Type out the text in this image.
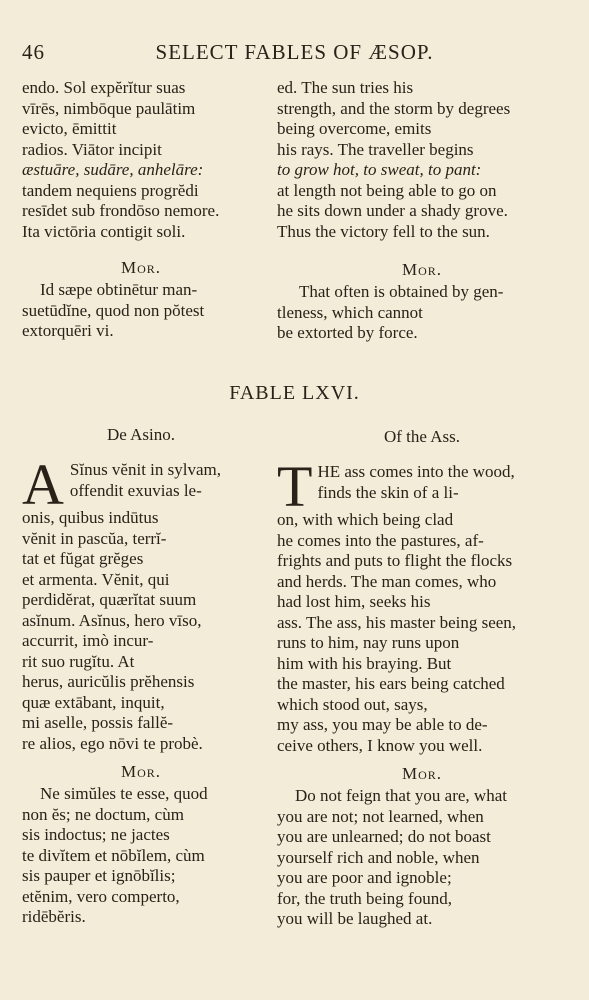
46	SELECT FABLES OF ÆSOP.
endo. Sol expĕrĭtur suas
vīrēs, nimbōque paulātim
evicto, ēmittit
radios. Viātor incipit
æstuāre, sudāre, anhelāre:
tandem nequiens progrĕdi
resīdet sub frondōso nemore.
Ita victōria contigit soli.
ed. The sun tries his
strength, and the storm by degrees
being overcome, emits
his rays. The traveller begins
to grow hot, to sweat, to pant:
at length not being able to go on
he sits down under a shady grove.
Thus the victory fell to the sun.
Mor.	Mor.
Id sæpe obtinētur man-
suetūdĭne, quod non pŏtest
extorquēri vi.
That often is obtained by gen-
tleness, which cannot
be extorted by force.
FABLE LXVI.
De Asino.	Of the Ass.
A Sĭnus vĕnit in sylvam,
offendit exuvias le-
onis, quibus indūtus
vĕnit in pascŭa, terrĭ-
tat et fŭgat grĕges
et armenta. Vĕnit, qui
perdidĕrat, quærĭtat suum
asĭnum. Asĭnus, hero vīso,
accurrit, imò incur-
rit suo rugĭtu. At
herus, auricŭlis prĕhensis
quæ extābant, inquit,
mi aselle, possis fallĕ-
re alios, ego nōvi te probè.
T HE ass comes into the wood,
finds the skin of a li-
on, with which being clad
he comes into the pastures, af-
frights and puts to flight the flocks
and herds. The man comes, who
had lost him, seeks his
ass. The ass, his master being seen,
runs to him, nay runs upon
him with his braying. But
the master, his ears being catched
which stood out, says,
my ass, you may be able to de-
ceive others, I know you well.
Mor.	Mor.
Ne simŭles te esse, quod
non ĕs; ne doctum, cùm
sis indoctus; ne jactes
te divĭtem et nōbĭlem, cùm
sis pauper et ignōbĭlis;
etĕnim, vero comperto,
ridēbĕris.
Do not feign that you are, what
you are not; not learned, when
you are unlearned; do not boast
yourself rich and noble, when
you are poor and ignoble;
for, the truth being found,
you will be laughed at.
